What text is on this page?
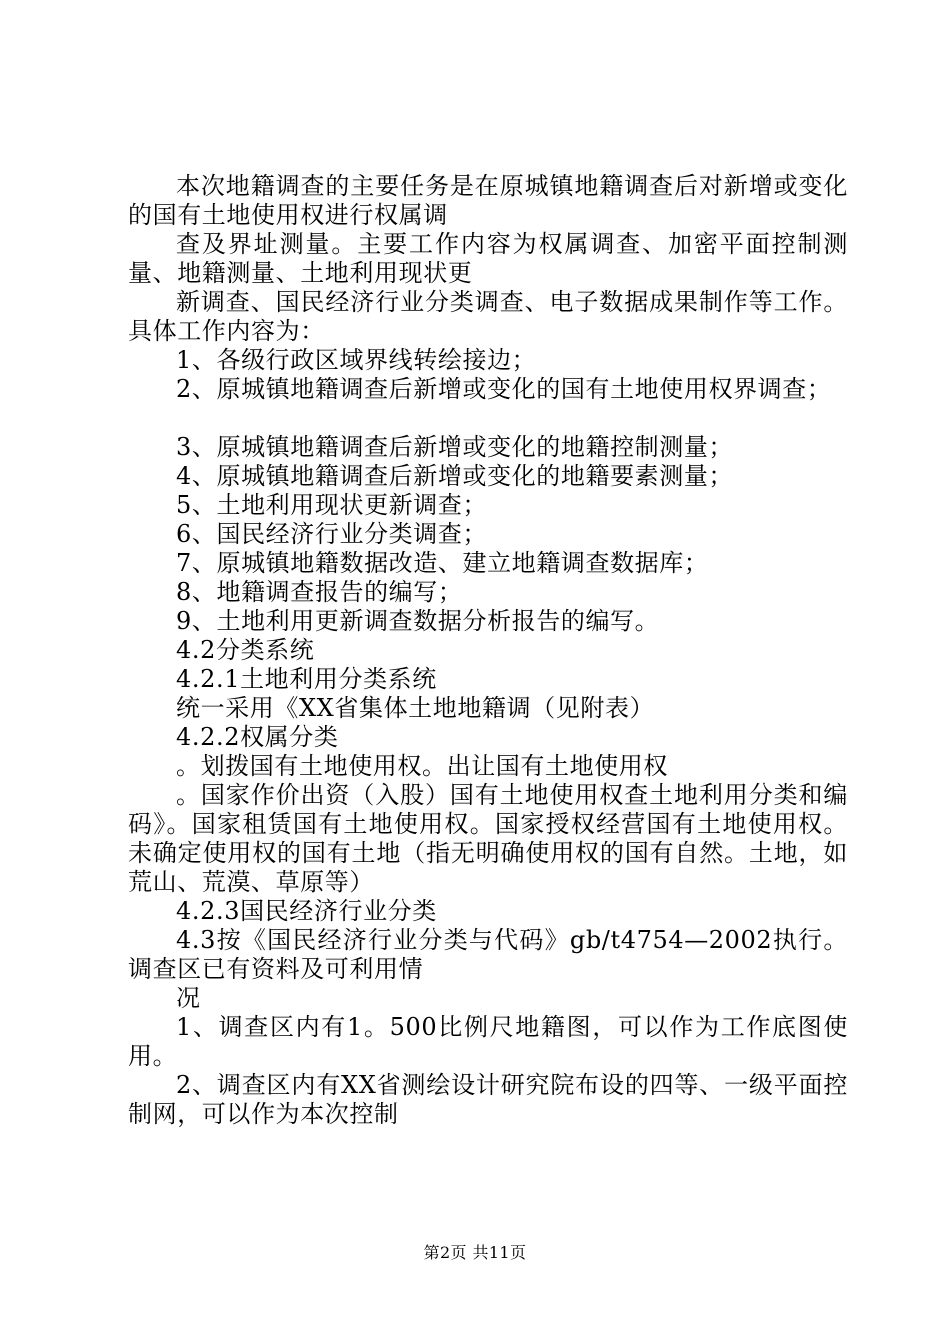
本次地籍调查的主要任务是在原城镇地籍调查后对新增或变化的国有土地使用权进行权属调

查及界址测量。主要工作内容为权属调查、加密平面控制测量、地籍测量、土地利用现状更

新调查、国民经济行业分类调查、电子数据成果制作等工作。具体工作内容为：

1、各级行政区域界线转绘接边；

2、原城镇地籍调查后新增或变化的国有土地使用权界调查；

3、原城镇地籍调查后新增或变化的地籍控制测量；

4、原城镇地籍调查后新增或变化的地籍要素测量；

5、土地利用现状更新调查；

6、国民经济行业分类调查；

7、原城镇地籍数据改造、建立地籍调查数据库；

8、地籍调查报告的编写；

9、土地利用更新调查数据分析报告的编写。

4.2分类系统

4.2.1土地利用分类系统

统一采用《XX省集体土地地籍调（见附表）

4.2.2权属分类

。划拨国有土地使用权。出让国有土地使用权

。国家作价出资（入股）国有土地使用权查土地利用分类和编码》。国家租赁国有土地使用权。国家授权经营国有土地使用权。未确定使用权的国有土地（指无明确使用权的国有自然。土地，如荒山、荒漠、草原等）

4.2.3国民经济行业分类

4.3按《国民经济行业分类与代码》gb/t4754—2002执行。调查区已有资料及可利用情

况

1、调查区内有1。500比例尺地籍图，可以作为工作底图使用。

2、调查区内有XX省测绘设计研究院布设的四等、一级平面控制网，可以作为本次控制

第2页 共11页
